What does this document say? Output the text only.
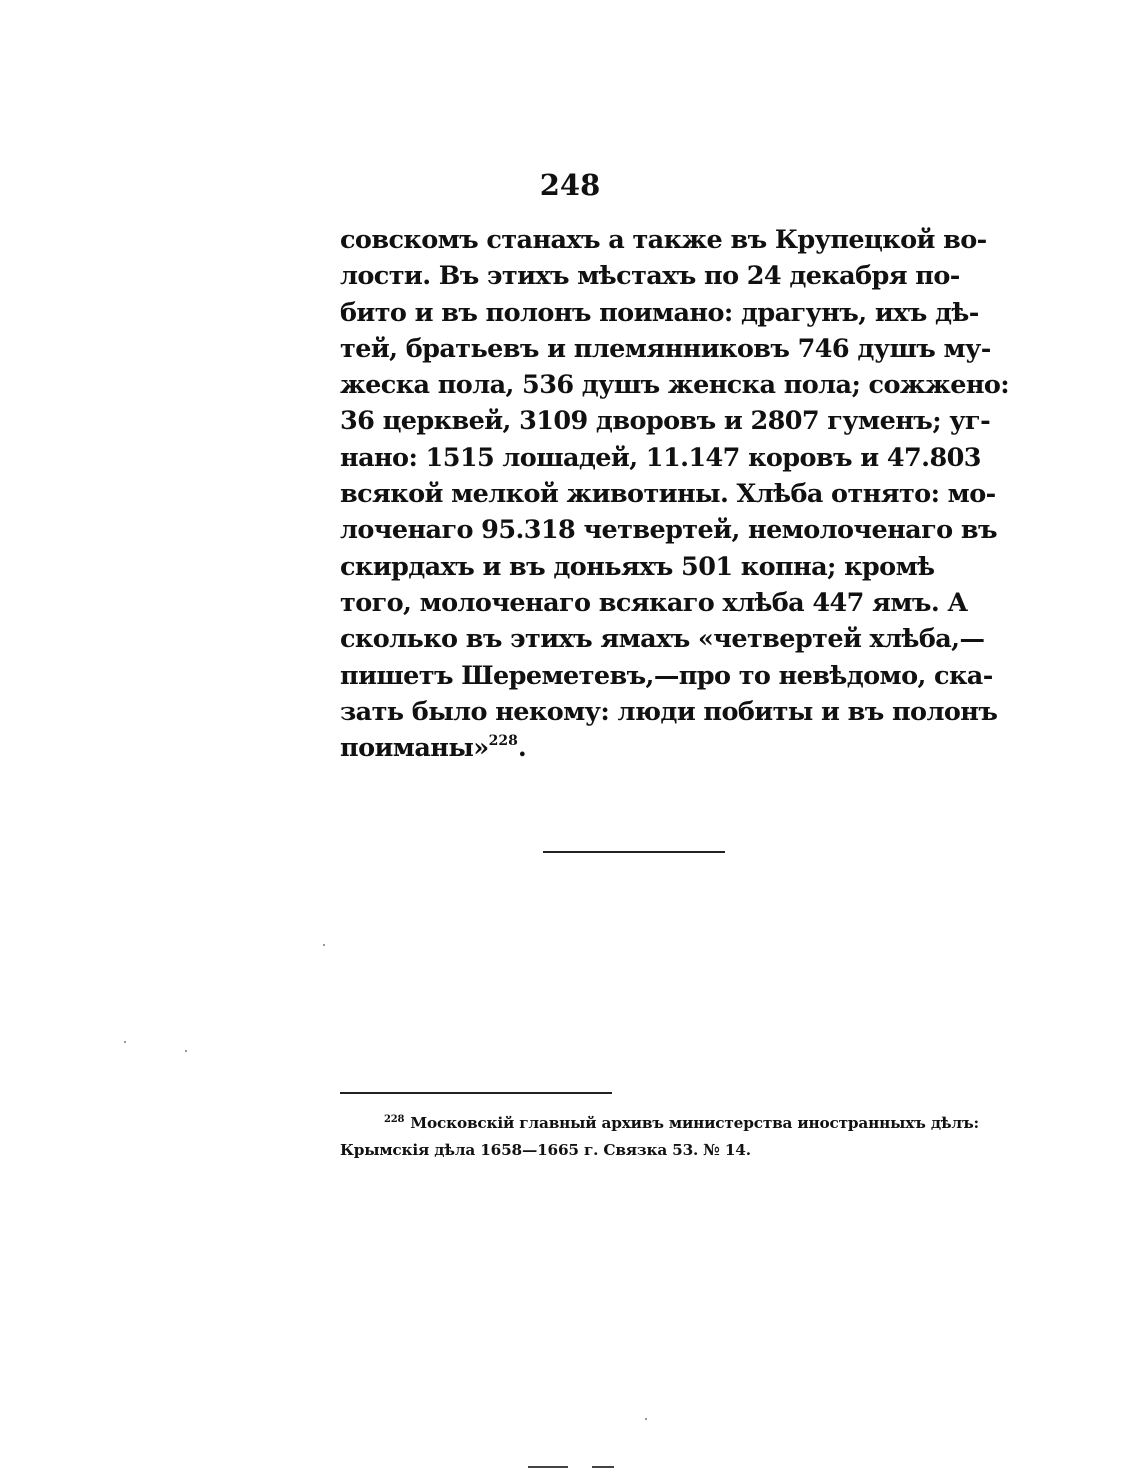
248
совскомъ станахъ а также въ Крупецкой во-
лости. Въ этихъ мѣстахъ по 24 декабря по-
бито и въ полонъ поимано: драгунъ, ихъ дѣ-
тей, братьевъ и племянниковъ 746 душъ му-
жеска пола, 536 душъ женска пола; сожжено:
36 церквей, 3109 дворовъ и 2807 гуменъ; уг-
нано: 1515 лошадей, 11.147 коровъ и 47.803
всякой мелкой животины. Хлѣба отнято: мо-
лоченаго 95.318 четвертей, немолоченаго въ
скирдахъ и въ доньяхъ 501 копна; кромѣ
того, молоченаго всякаго хлѣба 447 ямъ. А
сколько въ этихъ ямахъ «четвертей хлѣба,—
пишетъ Шереметевъ,—про то невѣдомо, ска-
зать было некому: люди побиты и въ полонъ
поиманы»$^{228}$.
$^{228}$ Московскій главный архивъ министерства иностранныхъ дѣлъ:
Крымскія дѣла 1658—1665 г. Связка 53. № 14.
